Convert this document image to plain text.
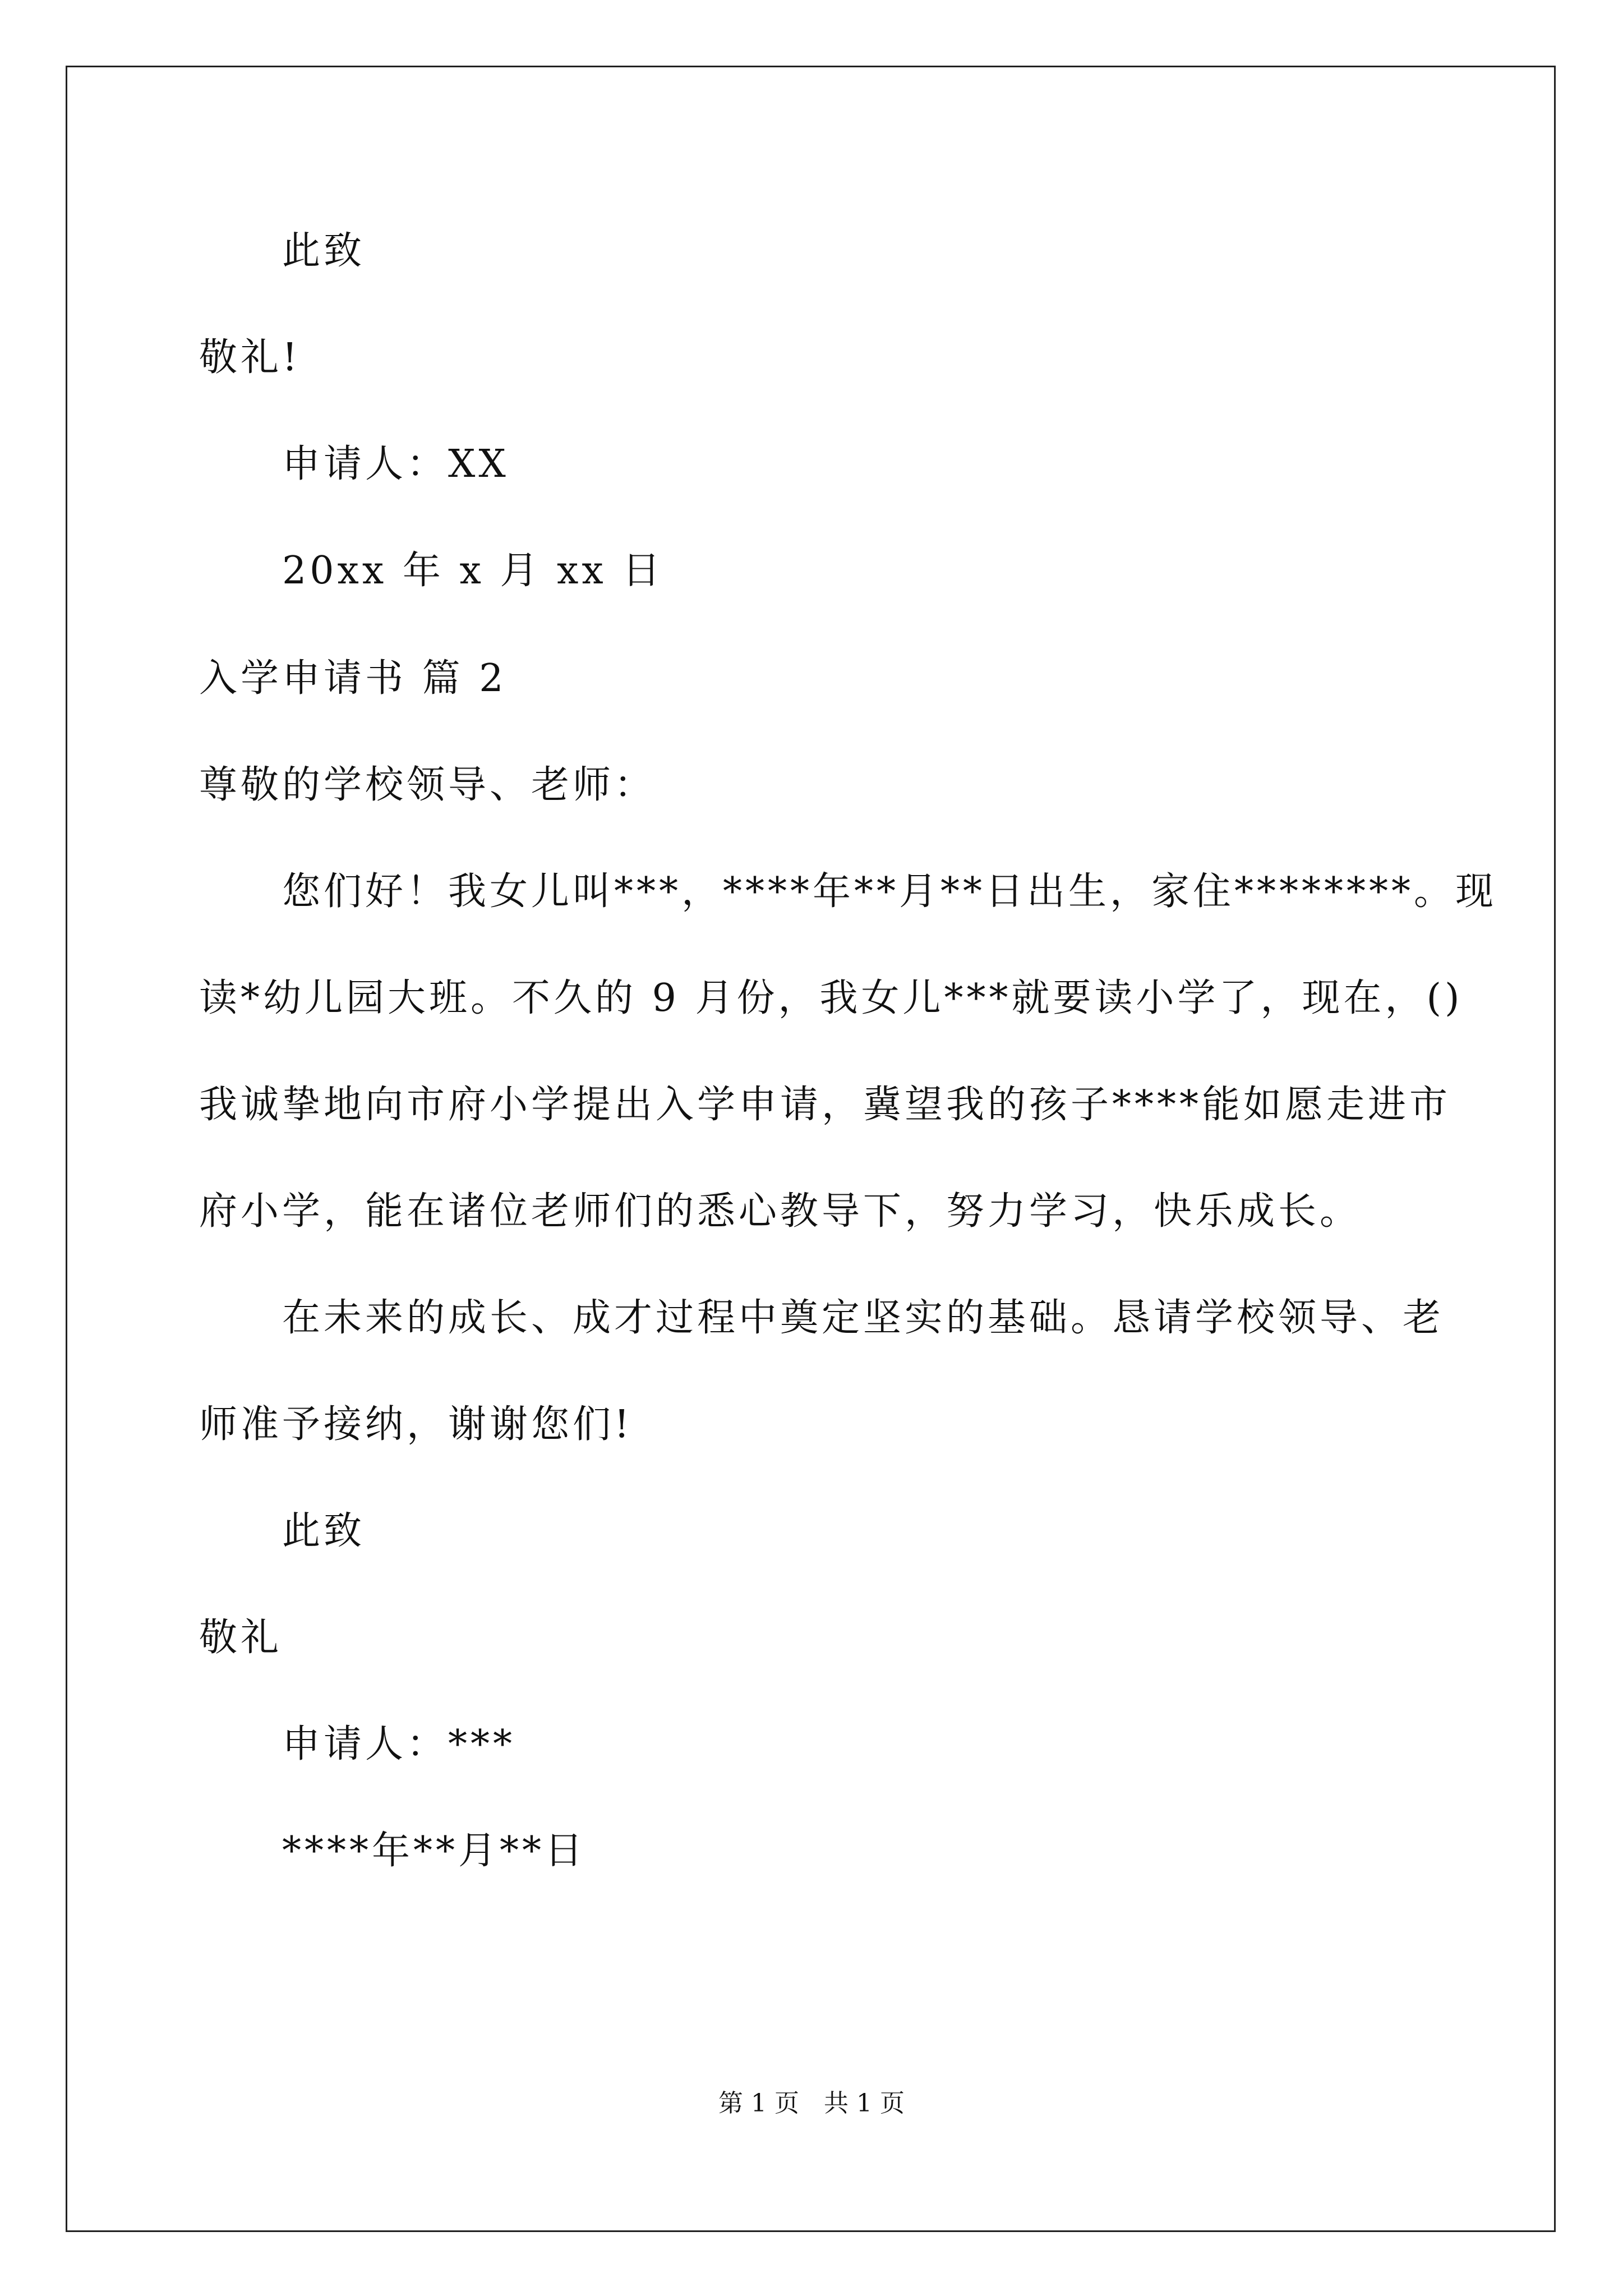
此致
敬礼!
申请人：XX
20xx 年 x 月 xx 日
入学申请书 篇 2
尊敬的学校领导、老师：
您们好！我女儿叫***，****年**月**日出生，家住********。现
读*幼儿园大班。不久的 9 月份，我女儿***就要读小学了，现在，()
我诚挚地向市府小学提出入学申请，冀望我的孩子****能如愿走进市
府小学，能在诸位老师们的悉心教导下，努力学习，快乐成长。
在未来的成长、成才过程中奠定坚实的基础。恳请学校领导、老
师准予接纳，谢谢您们!
此致
敬礼
申请人：***
****年**月**日
第 1 页　共 1 页
